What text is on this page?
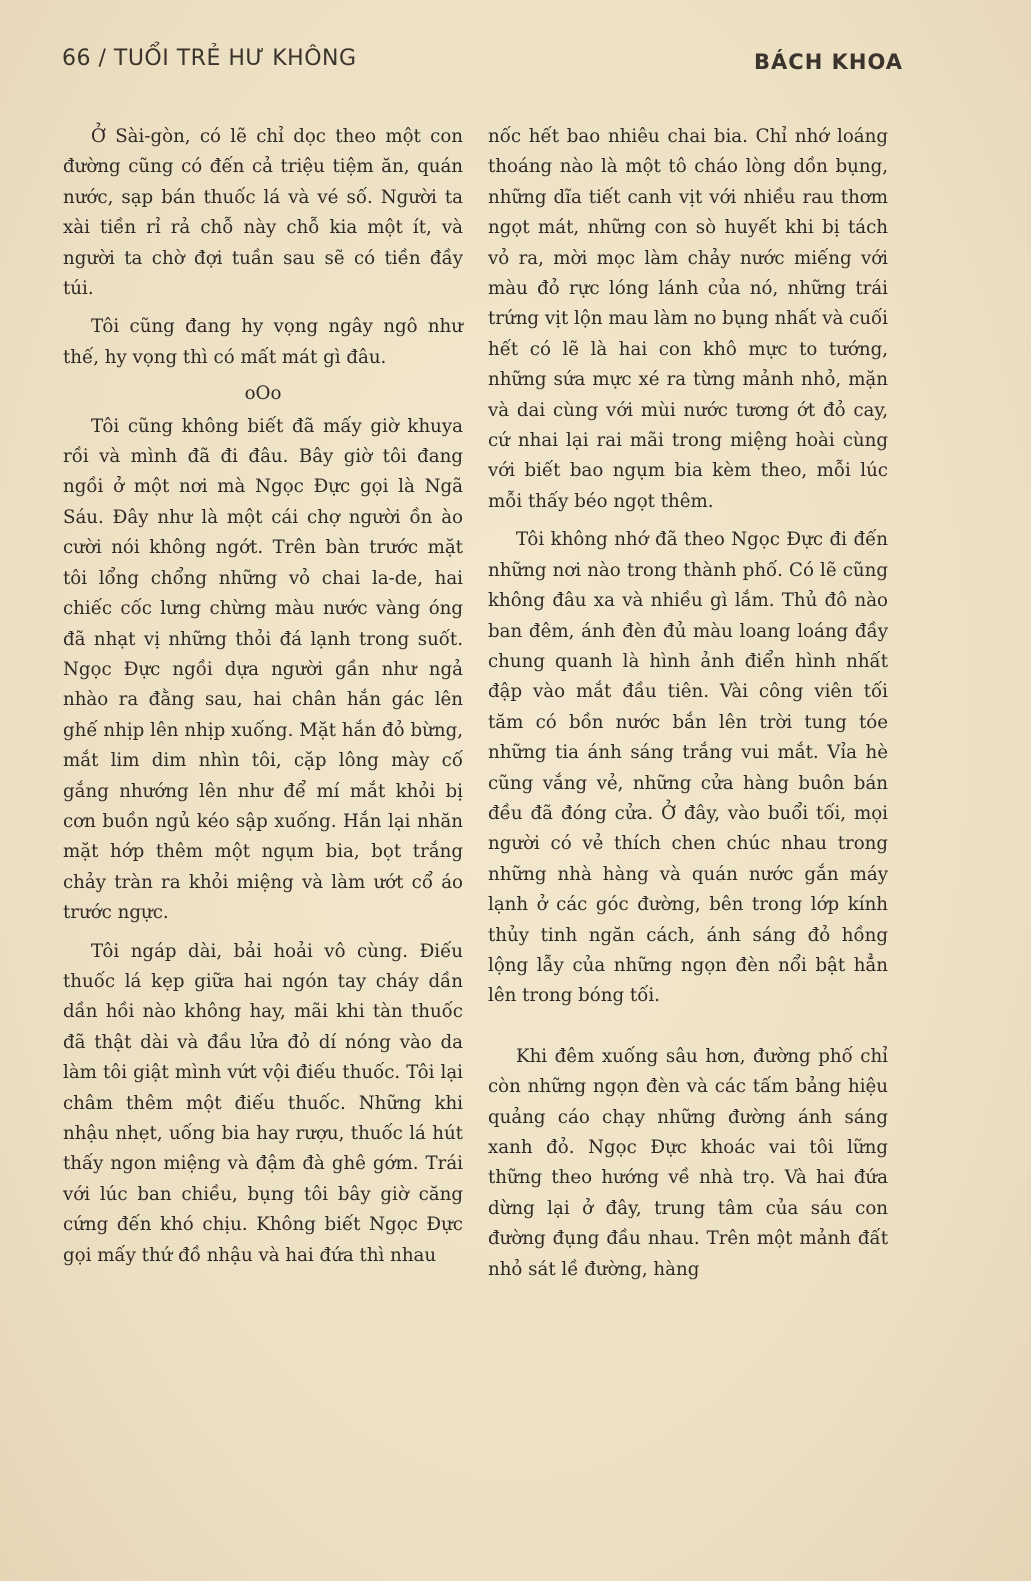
66 / TUỔI TRẺ HƯ KHÔNG	BÁCH KHOA

Ở Sài-gòn, có lẽ chỉ dọc theo một con đường cũng có đến cả triệu tiệm ăn, quán nước, sạp bán thuốc lá và vé số. Người ta xài tiền rỉ rả chỗ này chỗ kia một ít, và người ta chờ đợi tuần sau sẽ có tiền đầy túi.

Tôi cũng đang hy vọng ngây ngô như thế, hy vọng thì có mất mát gì đâu.

oOo

Tôi cũng không biết đã mấy giờ khuya rồi và mình đã đi đâu. Bây giờ tôi đang ngồi ở một nơi mà Ngọc Đực gọi là Ngã Sáu. Đây như là một cái chợ người ồn ào cười nói không ngớt. Trên bàn trước mặt tôi lổng chổng những vỏ chai la-de, hai chiếc cốc lưng chừng màu nước vàng óng đã nhạt vị những thỏi đá lạnh trong suốt. Ngọc Đực ngồi dựa người gần như ngả nhào ra đằng sau, hai chân hắn gác lên ghế nhịp lên nhịp xuống. Mặt hắn đỏ bừng, mắt lim dim nhìn tôi, cặp lông mày cố gắng nhướng lên như để mí mắt khỏi bị cơn buồn ngủ kéo sập xuống. Hắn lại nhăn mặt hớp thêm một ngụm bia, bọt trắng chảy tràn ra khỏi miệng và làm ướt cổ áo trước ngực.

Tôi ngáp dài, bải hoải vô cùng. Điếu thuốc lá kẹp giữa hai ngón tay cháy dần dần hồi nào không hay, mãi khi tàn thuốc đã thật dài và đầu lửa đỏ dí nóng vào da làm tôi giật mình vứt vội điếu thuốc. Tôi lại châm thêm một điếu thuốc. Những khi nhậu nhẹt, uống bia hay rượu, thuốc lá hút thấy ngon miệng và đậm đà ghê gớm. Trái với lúc ban chiều, bụng tôi bây giờ căng cứng đến khó chịu. Không biết Ngọc Đực gọi mấy thứ đồ nhậu và hai đứa thì nhau

nốc hết bao nhiêu chai bia. Chỉ nhớ loáng thoáng nào là một tô cháo lòng dồn bụng, những dĩa tiết canh vịt với nhiều rau thơm ngọt mát, những con sò huyết khi bị tách vỏ ra, mời mọc làm chảy nước miếng với màu đỏ rực lóng lánh của nó, những trái trứng vịt lộn mau làm no bụng nhất và cuối hết có lẽ là hai con khô mực to tướng, những sứa mực xé ra từng mảnh nhỏ, mặn và dai cùng với mùi nước tương ớt đỏ cay, cứ nhai lại rai mãi trong miệng hoài cùng với biết bao ngụm bia kèm theo, mỗi lúc mỗi thấy béo ngọt thêm.

Tôi không nhớ đã theo Ngọc Đực đi đến những nơi nào trong thành phố. Có lẽ cũng không đâu xa và nhiều gì lắm. Thủ đô nào ban đêm, ánh đèn đủ màu loang loáng đầy chung quanh là hình ảnh điển hình nhất đập vào mắt đầu tiên. Vài công viên tối tăm có bồn nước bắn lên trời tung tóe những tia ánh sáng trắng vui mắt. Vỉa hè cũng vắng vẻ, những cửa hàng buôn bán đều đã đóng cửa. Ở đây, vào buổi tối, mọi người có vẻ thích chen chúc nhau trong những nhà hàng và quán nước gắn máy lạnh ở các góc đường, bên trong lớp kính thủy tinh ngăn cách, ánh sáng đỏ hồng lộng lẫy của những ngọn đèn nổi bật hẳn lên trong bóng tối.

Khi đêm xuống sâu hơn, đường phố chỉ còn những ngọn đèn và các tấm bảng hiệu quảng cáo chạy những đường ánh sáng xanh đỏ. Ngọc Đực khoác vai tôi lững thững theo hướng về nhà trọ. Và hai đứa dừng lại ở đây, trung tâm của sáu con đường đụng đầu nhau. Trên một mảnh đất nhỏ sát lề đường, hàng
